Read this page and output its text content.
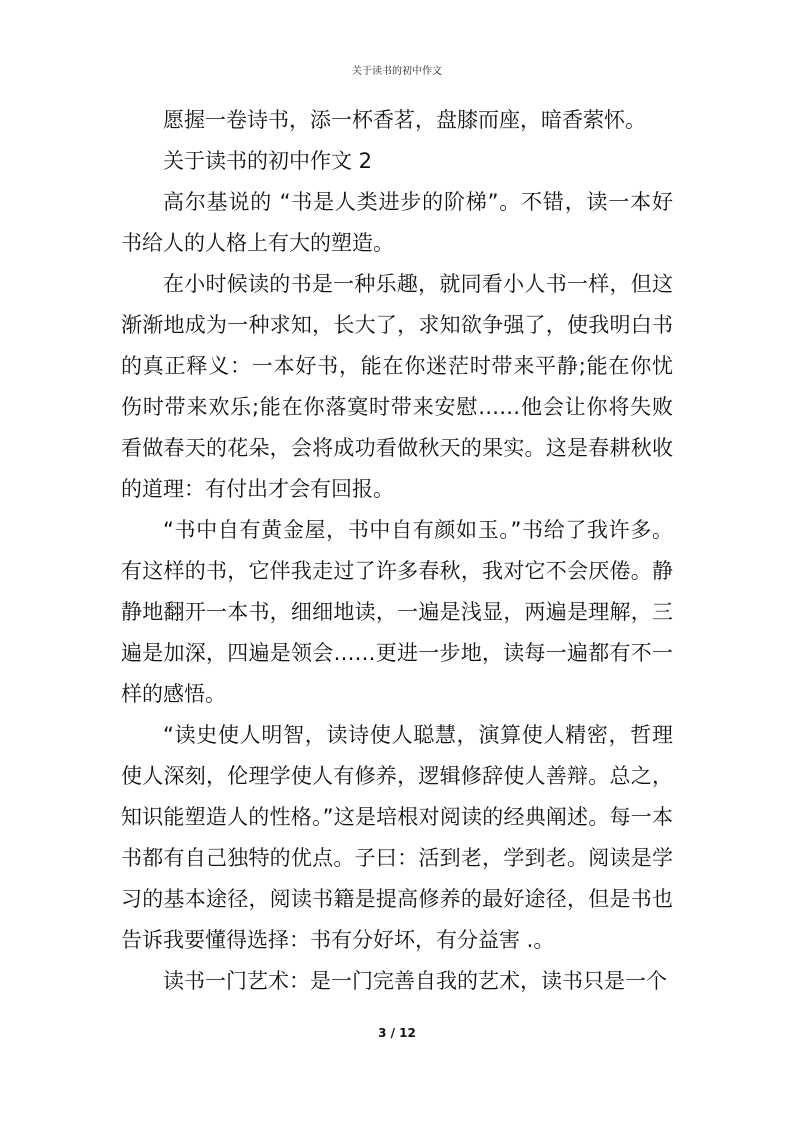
关于读书的初中作文

愿握一卷诗书，添一杯香茗，盘膝而座，暗香萦怀。

关于读书的初中作文 2

高尔基说的 “书是人类进步的阶梯”。不错，读一本好书给人的人格上有大的塑造。

在小时候读的书是一种乐趣，就同看小人书一样，但这渐渐地成为一种求知，长大了，求知欲争强了，使我明白书的真正释义：一本好书，能在你迷茫时带来平静;能在你忧伤时带来欢乐;能在你落寞时带来安慰……他会让你将失败看做春天的花朵，会将成功看做秋天的果实。这是春耕秋收的道理：有付出才会有回报。

“书中自有黄金屋，书中自有颜如玉。”书给了我许多。有这样的书，它伴我走过了许多春秋，我对它不会厌倦。静静地翻开一本书，细细地读，一遍是浅显，两遍是理解，三遍是加深，四遍是领会……更进一步地，读每一遍都有不一样的感悟。

“读史使人明智，读诗使人聪慧，演算使人精密，哲理使人深刻，伦理学使人有修养，逻辑修辞使人善辩。总之，知识能塑造人的性格。”这是培根对阅读的经典阐述。每一本书都有自己独特的优点。子曰：活到老，学到老。阅读是学习的基本途径，阅读书籍是提高修养的最好途径，但是书也告诉我要懂得选择：书有分好坏，有分益害 .。

读书一门艺术：是一门完善自我的艺术，读书只是一个

3 / 12
